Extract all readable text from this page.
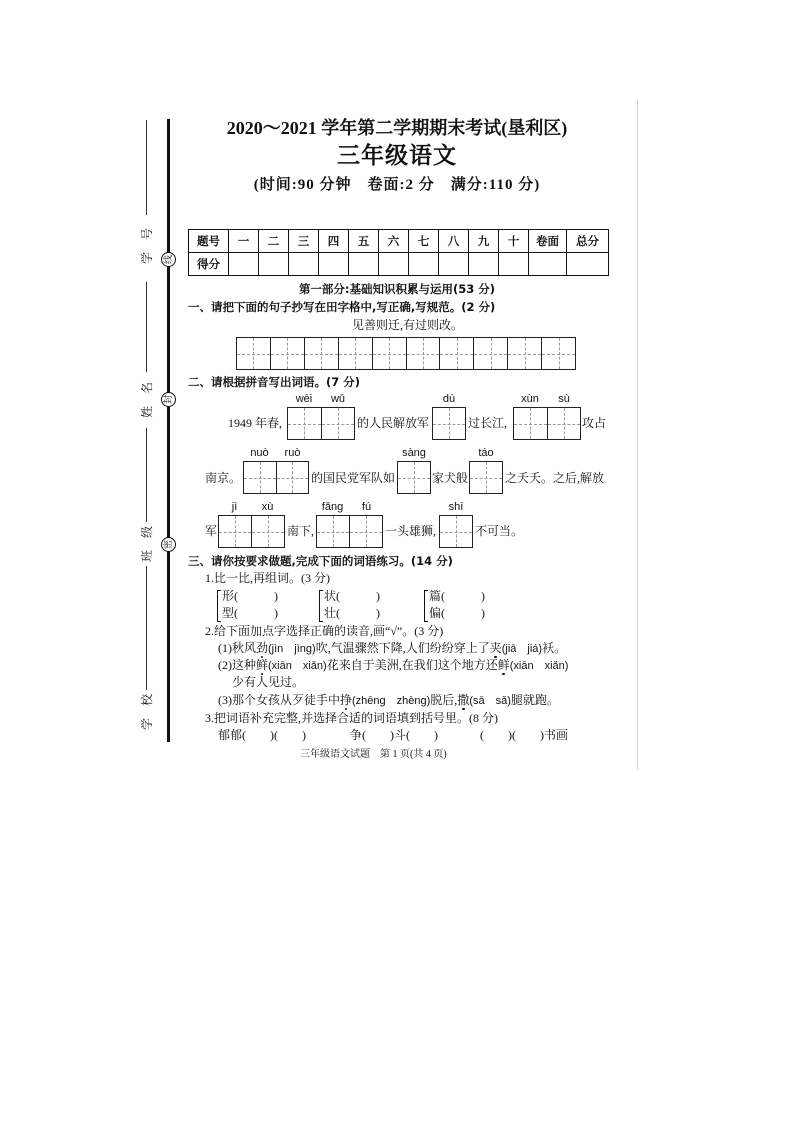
学号 线
姓名 封
班级 密
学校
2020～2021 学年第二学期期末考试(垦利区)
三年级语文
(时间:90 分钟　卷面:2 分　满分:110 分)
题号	一	二	三	四	五	六	七	八	九	十	卷面	总分
得分												
第一部分:基础知识积累与运用(53 分)
一、请把下面的句子抄写在田字格中,写正确,写规范。(2 分)
见善则迁,有过则改。
二、请根据拼音写出词语。(7 分)
1949 年春,
wēi	wǔ
的人民解放军
dù
过长江,
xùn	sù
攻占
南京。
nuò	ruò
的国民党军队如
sàng
家犬般
táo
之夭夭。之后,解放
军
jì	xù
南下,
fǎng	fú
一头雄狮,
shī
不可当。
三、请你按要求做题,完成下面的词语练习。(14 分)
1.比一比,再组词。(3 分)
形(　　　)
型(　　　)
状(　　　)
壮(　　　)
篇(　　　)
偏(　　　)
2.给下面加点字选择正确的读音,画“√”。(3 分)
(1)秋风劲(jìn　jìng)吹,气温骤然下降,人们纷纷穿上了夹(jiā　jiá)袄。
(2)这种鲜(xiān　xiǎn)花来自于美洲,在我们这个地方还鲜(xiān　xiǎn)
少有人见过。
(3)那个女孩从歹徒手中挣(zhēng　zhèng)脱后,撒(sā　sǎ)腿就跑。
3.把词语补充完整,并选择合适的词语填到括号里。(8 分)
郁郁(　　)(　　)	争(　　)斗(　　)	(　　)(　　)书画
三年级语文试题　第 1 页(共 4 页)
